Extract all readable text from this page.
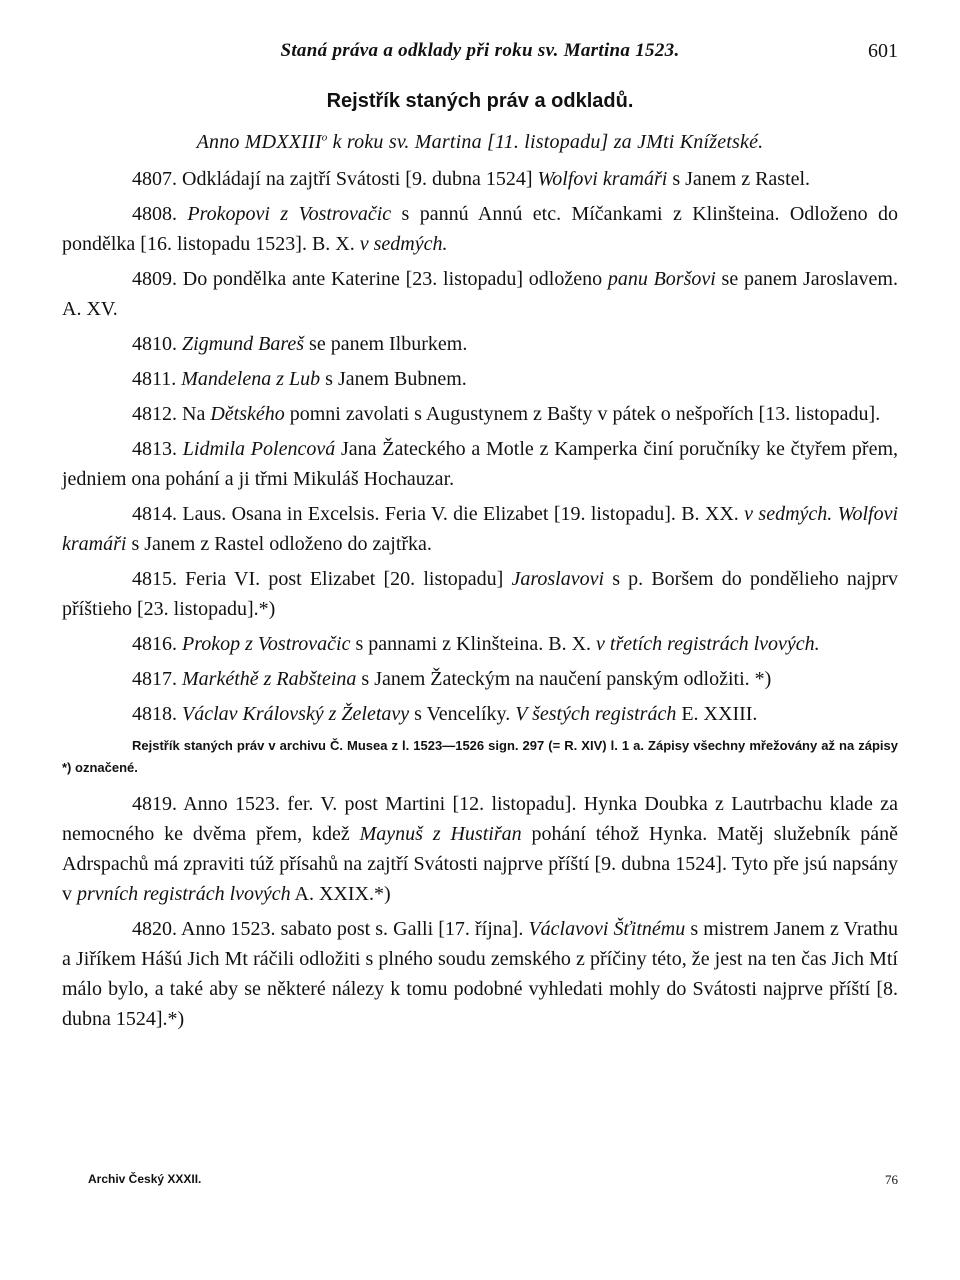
Staná práva a odklady při roku sv. Martina 1523.	601
Rejstřík staných práv a odkladů.
Anno MDXXIII$^o$ k roku sv. Martina [11. listopadu] za JMti Knížetské.

4807. Odkládají na zajtří Svátosti [9. dubna 1524] Wolfovi kramáři s Janem z Rastel.

4808. Prokopovi z Vostrovačic s pannú Annú etc. Míčankami z Klinšteina. Odloženo do pondělka [16. listopadu 1523]. B. X. v sedmých.

4809. Do pondělka ante Katerine [23. listopadu] odloženo panu Boršovi se panem Jaroslavem. A. XV.

4810. Zigmund Bareš se panem Ilburkem.

4811. Mandelena z Lub s Janem Bubnem.

4812. Na Dětského pomni zavolati s Augustynem z Bašty v pátek o nešpořích [13. listopadu].

4813. Lidmila Polencová Jana Žateckého a Motle z Kamperka činí poručníky ke čtyřem přem, jedniem ona pohání a ji třmi Mikuláš Hochauzar.

4814. Laus. Osana in Excelsis. Feria V. die Elizabet [19. listopadu]. B. XX. v sedmých. Wolfovi kramáři s Janem z Rastel odloženo do zajtřka.

4815. Feria VI. post Elizabet [20. listopadu] Jaroslavovi s p. Boršem do pondělieho najprv příštieho [23. listopadu].*)

4816. Prokop z Vostrovačic s pannami z Klinšteina. B. X. v třetích registrách lvových.

4817. Markéthě z Rabšteina s Janem Žateckým na naučení panským odložiti. *)

4818. Václav Královský z Želetavy s Vencelíky. V šestých registrách E. XXIII.

Rejstřík staných práv v archivu Č. Musea z l. 1523—1526 sign. 297 (= R. XIV) l. 1 a. Zápisy všechny mřežovány až na zápisy *) označené.

4819. Anno 1523. fer. V. post Martini [12. listopadu]. Hynka Doubka z Lautrbachu klade za nemocného ke dvěma přem, kdež Maynuš z Hustiřan pohání téhož Hynka. Matěj služebník páně Adrspachů má zpraviti túž přísahů na zajtří Svátosti najprve příští [9. dubna 1524]. Tyto pře jsú napsány v prvních registrách lvových A. XXIX.*)

4820. Anno 1523. sabato post s. Galli [17. října]. Václavovi Šťitnému s mistrem Janem z Vrathu a Jiříkem Hášú Jich Mt ráčili odložiti s plného soudu zemského z příčiny této, že jest na ten čas Jich Mtí málo bylo, a také aby se některé nálezy k tomu podobné vyhledati mohly do Svátosti najprve příští [8. dubna 1524].*)

Archiv Český XXXII.	76
